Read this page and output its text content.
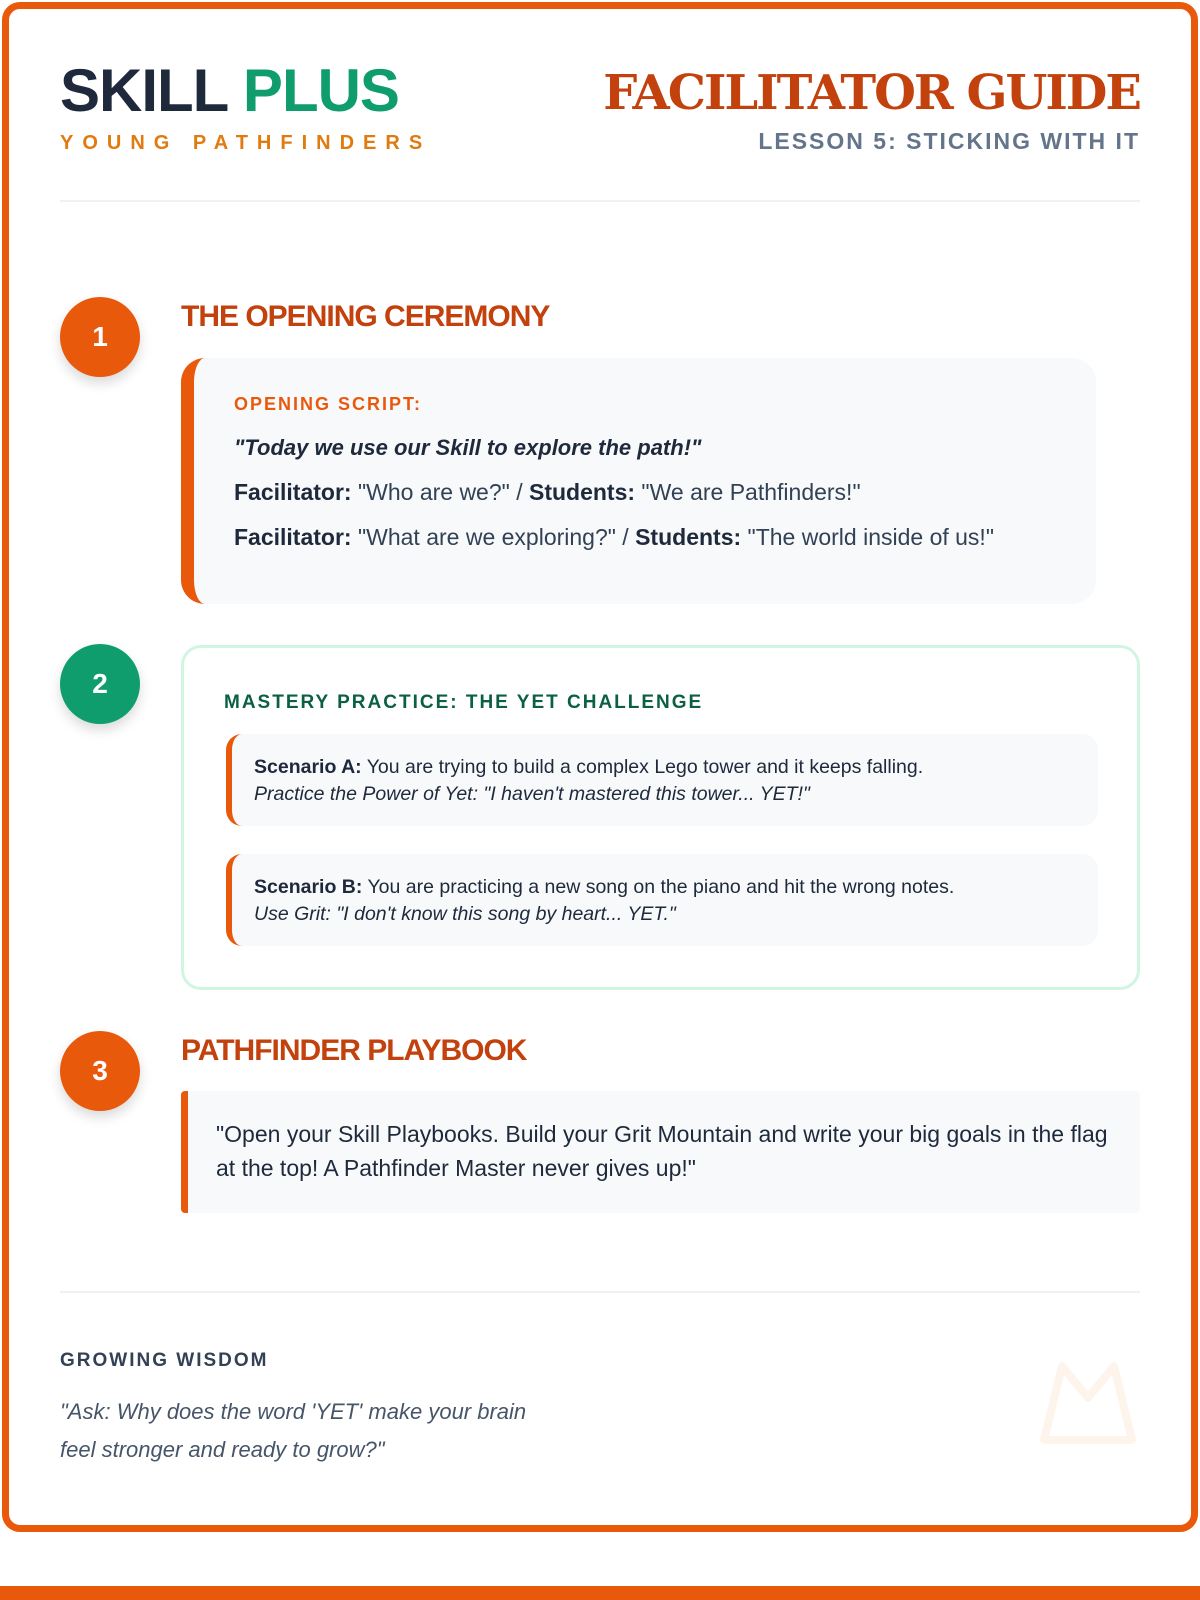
SKILL PLUS
YOUNG PATHFINDERS
FACILITATOR GUIDE
LESSON 5: STICKING WITH IT
1
THE OPENING CEREMONY
OPENING SCRIPT:
"Today we use our Skill to explore the path!"
Facilitator: "Who are we?" / Students: "We are Pathfinders!"
Facilitator: "What are we exploring?" / Students: "The world inside of us!"
2
MASTERY PRACTICE: THE YET CHALLENGE
Scenario A: You are trying to build a complex Lego tower and it keeps falling.
Practice the Power of Yet: "I haven't mastered this tower... YET!"
Scenario B: You are practicing a new song on the piano and hit the wrong notes.
Use Grit: "I don't know this song by heart... YET."
3
PATHFINDER PLAYBOOK
"Open your Skill Playbooks. Build your Grit Mountain and write your big goals in the flag at the top! A Pathfinder Master never gives up!"
GROWING WISDOM
"Ask: Why does the word 'YET' make your brain feel stronger and ready to grow?"
